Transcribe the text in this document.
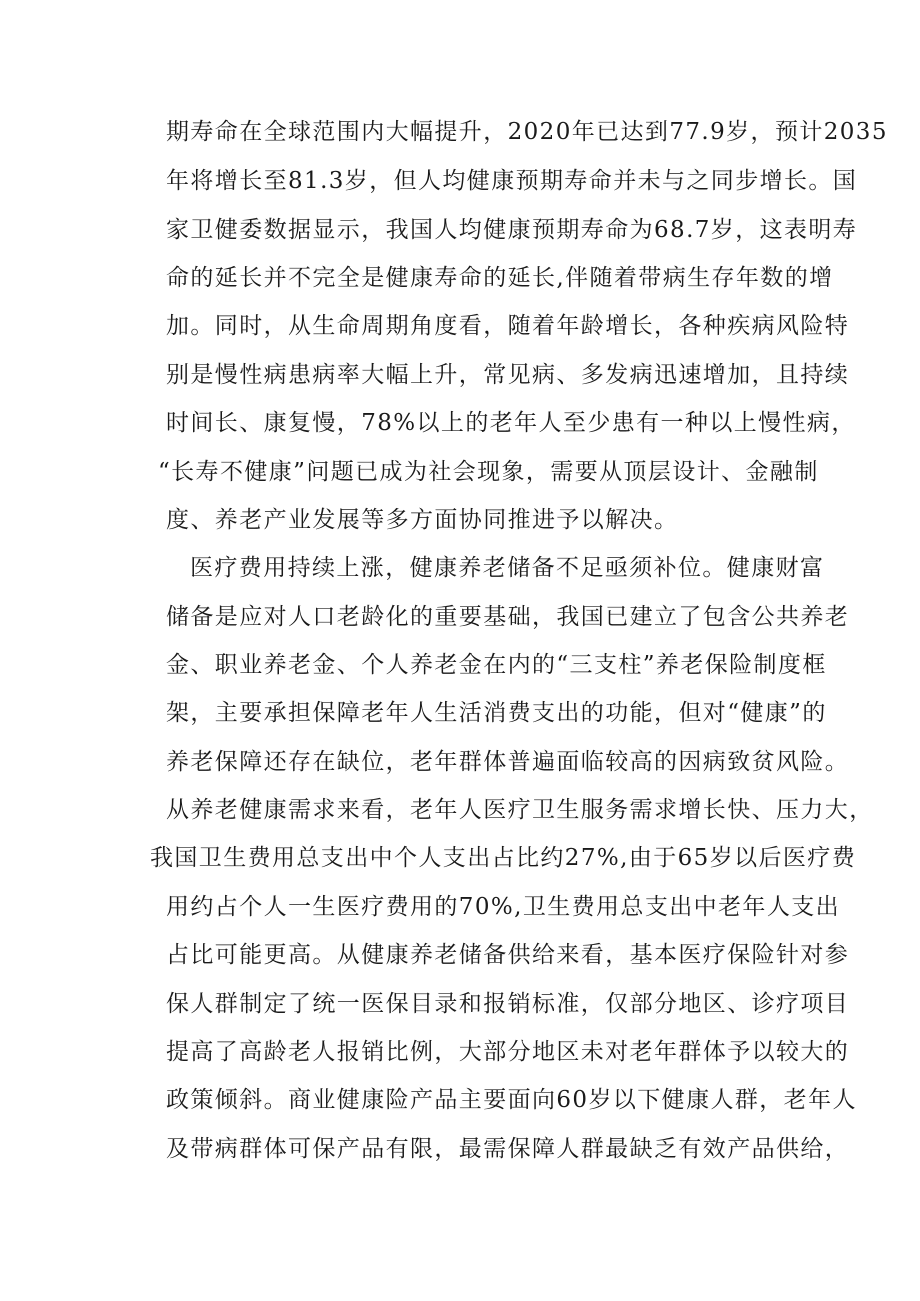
期寿命在全球范围内大幅提升，2020年已达到77.9岁，预计2035
年将增长至81.3岁，但人均健康预期寿命并未与之同步增长。国
家卫健委数据显示，我国人均健康预期寿命为68.7岁，这表明寿
命的延长并不完全是健康寿命的延长,伴随着带病生存年数的增
加。同时，从生命周期角度看，随着年龄增长，各种疾病风险特
别是慢性病患病率大幅上升，常见病、多发病迅速增加，且持续
时间长、康复慢，78%以上的老年人至少患有一种以上慢性病，
“长寿不健康”问题已成为社会现象，需要从顶层设计、金融制
度、养老产业发展等多方面协同推进予以解决。
医疗费用持续上涨，健康养老储备不足亟须补位。健康财富
储备是应对人口老龄化的重要基础，我国已建立了包含公共养老
金、职业养老金、个人养老金在内的“三支柱”养老保险制度框
架，主要承担保障老年人生活消费支出的功能，但对“健康”的
养老保障还存在缺位，老年群体普遍面临较高的因病致贫风险。
从养老健康需求来看，老年人医疗卫生服务需求增长快、压力大，
我国卫生费用总支出中个人支出占比约27%,由于65岁以后医疗费
用约占个人一生医疗费用的70%,卫生费用总支出中老年人支出
占比可能更高。从健康养老储备供给来看，基本医疗保险针对参
保人群制定了统一医保目录和报销标准，仅部分地区、诊疗项目
提高了高龄老人报销比例，大部分地区未对老年群体予以较大的
政策倾斜。商业健康险产品主要面向60岁以下健康人群，老年人
及带病群体可保产品有限，最需保障人群最缺乏有效产品供给，
